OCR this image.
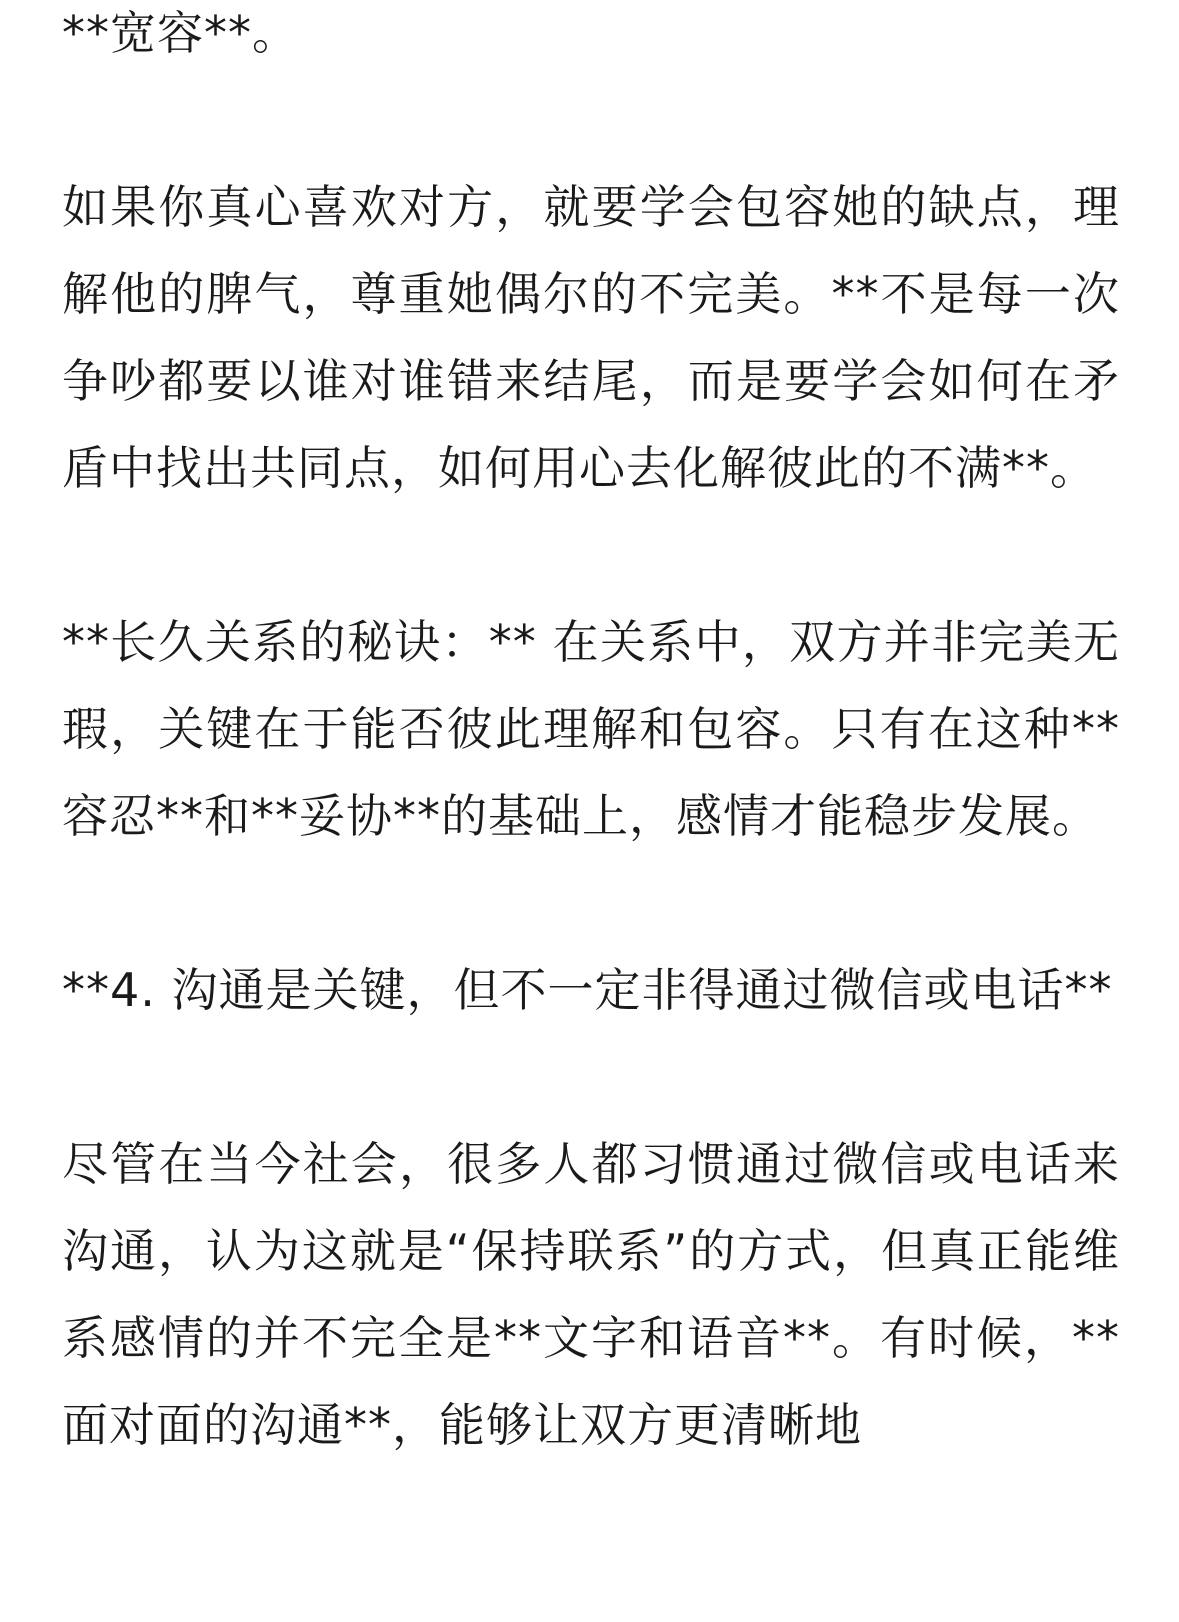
**宽容**。

如果你真心喜欢对方，就要学会包容她的缺点，理解他的脾气，尊重她偶尔的不完美。**不是每一次争吵都要以谁对谁错来结尾，而是要学会如何在矛盾中找出共同点，如何用心去化解彼此的不满**。

**长久关系的秘诀：** 在关系中，双方并非完美无瑕，关键在于能否彼此理解和包容。只有在这种**容忍**和**妥协**的基础上，感情才能稳步发展。

**4. 沟通是关键，但不一定非得通过微信或电话**

尽管在当今社会，很多人都习惯通过微信或电话来沟通，认为这就是“保持联系”的方式，但真正能维系感情的并不完全是**文字和语音**。有时候，**面对面的沟通**，能够让双方更清晰地
